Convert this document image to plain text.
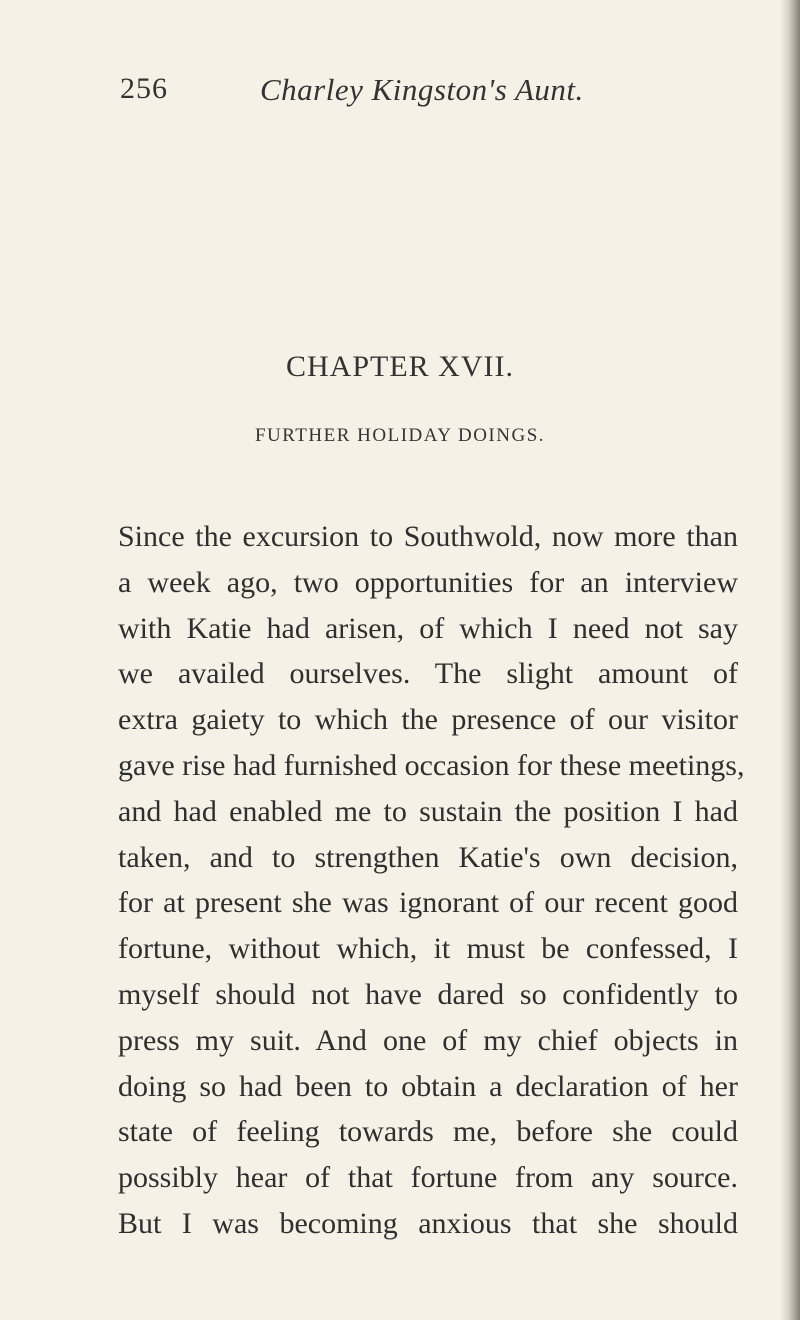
256	Charley Kingston's Aunt.
CHAPTER XVII.
FURTHER HOLIDAY DOINGS.
Since the excursion to Southwold, now more than
a week ago, two opportunities for an interview
with Katie had arisen, of which I need not say
we availed ourselves. The slight amount of
extra gaiety to which the presence of our visitor
gave rise had furnished occasion for these meetings,
and had enabled me to sustain the position I had
taken, and to strengthen Katie's own decision,
for at present she was ignorant of our recent good
fortune, without which, it must be confessed, I
myself should not have dared so confidently to
press my suit. And one of my chief objects in
doing so had been to obtain a declaration of her
state of feeling towards me, before she could
possibly hear of that fortune from any source.
But I was becoming anxious that she should
